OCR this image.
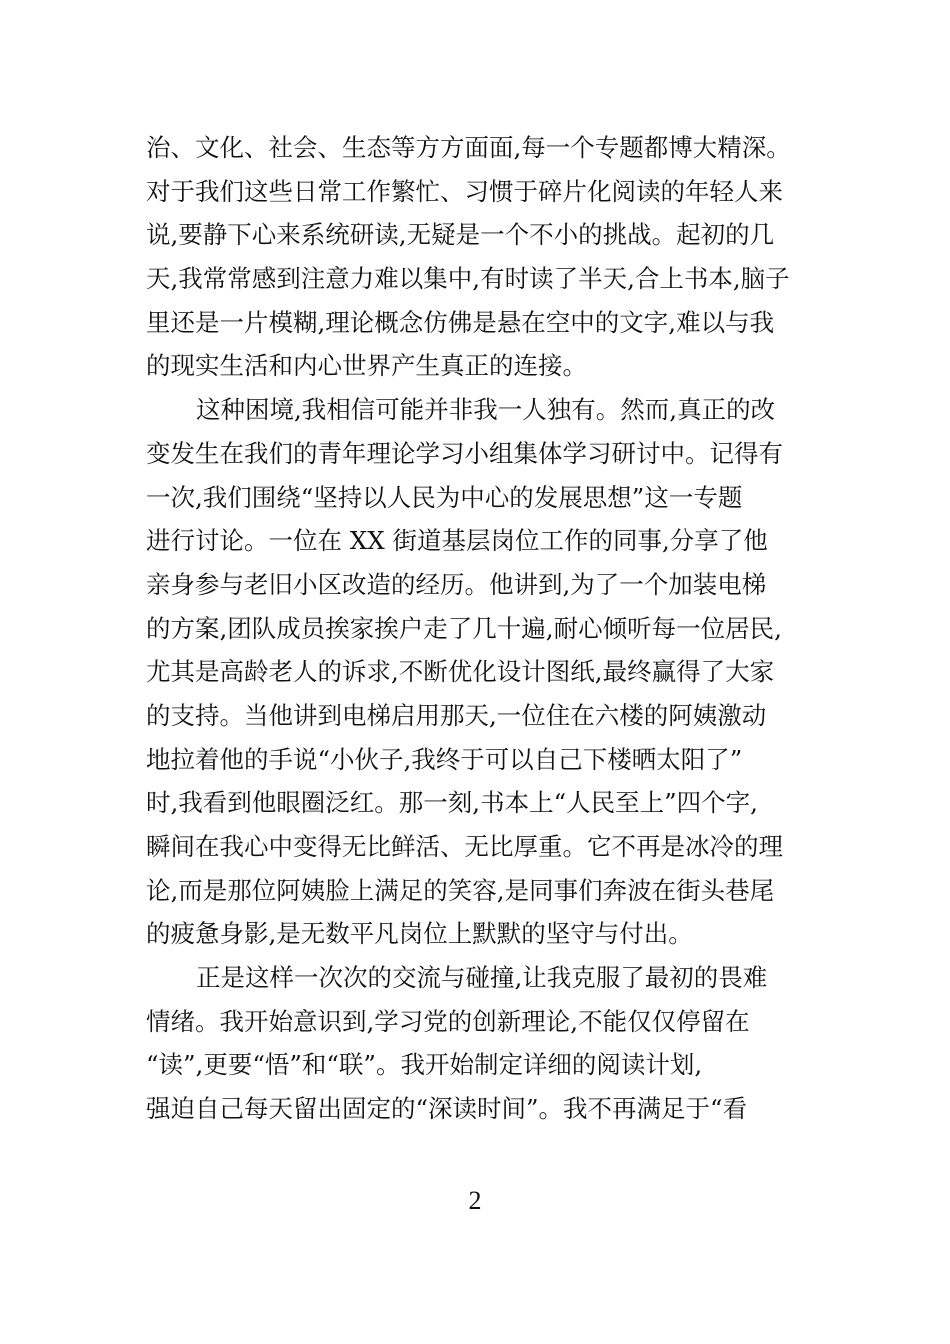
治、文化、社会、生态等方方面面,每一个专题都博大精深。
对于我们这些日常工作繁忙、习惯于碎片化阅读的年轻人来
说,要静下心来系统研读,无疑是一个不小的挑战。起初的几
天,我常常感到注意力难以集中,有时读了半天,合上书本,脑子
里还是一片模糊,理论概念仿佛是悬在空中的文字,难以与我
的现实生活和内心世界产生真正的连接。
这种困境,我相信可能并非我一人独有。然而,真正的改
变发生在我们的青年理论学习小组集体学习研讨中。记得有
一次,我们围绕“坚持以人民为中心的发展思想”这一专题
进行讨论。一位在 XX 街道基层岗位工作的同事,分享了他
亲身参与老旧小区改造的经历。他讲到,为了一个加装电梯
的方案,团队成员挨家挨户走了几十遍,耐心倾听每一位居民,
尤其是高龄老人的诉求,不断优化设计图纸,最终赢得了大家
的支持。当他讲到电梯启用那天,一位住在六楼的阿姨激动
地拉着他的手说“小伙子,我终于可以自己下楼晒太阳了”
时,我看到他眼圈泛红。那一刻,书本上“人民至上”四个字,
瞬间在我心中变得无比鲜活、无比厚重。它不再是冰冷的理
论,而是那位阿姨脸上满足的笑容,是同事们奔波在街头巷尾
的疲惫身影,是无数平凡岗位上默默的坚守与付出。
正是这样一次次的交流与碰撞,让我克服了最初的畏难
情绪。我开始意识到,学习党的创新理论,不能仅仅停留在
“读”,更要“悟”和“联”。我开始制定详细的阅读计划,
强迫自己每天留出固定的“深读时间”。我不再满足于“看
2
